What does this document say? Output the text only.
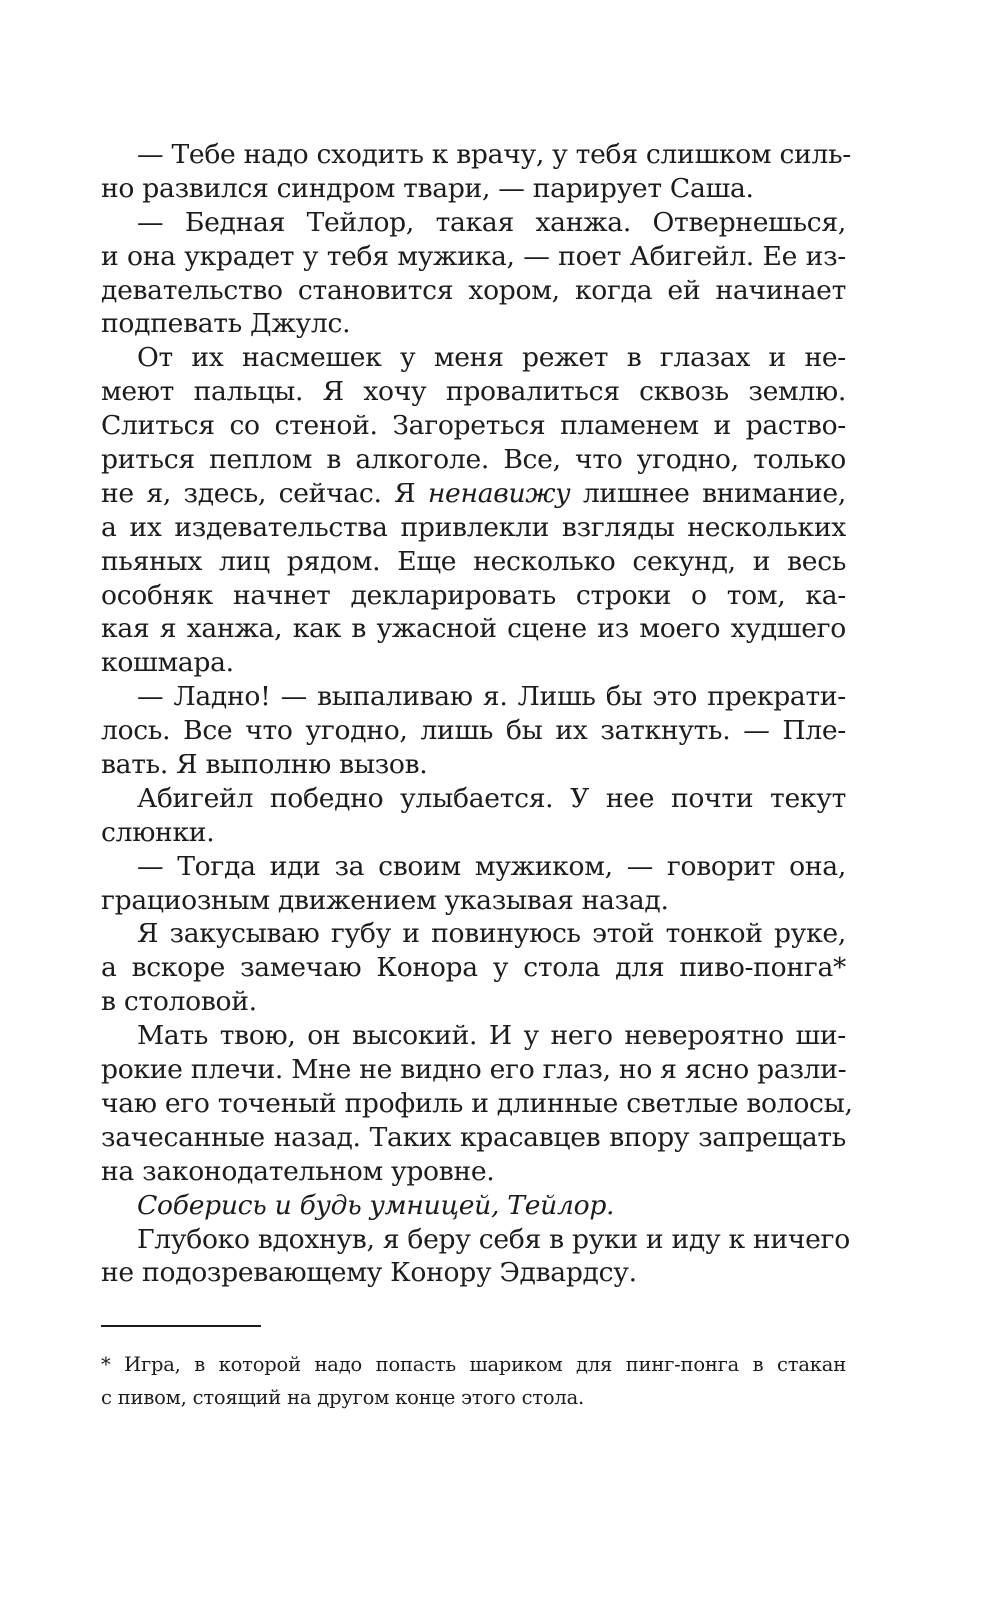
— Тебе надо сходить к врачу, у тебя слишком силь-
но развился синдром твари, — парирует Саша.
— Бедная Тейлор, такая ханжа. Отвернешься,
и она украдет у тебя мужика, — поет Абигейл. Ее из-
девательство становится хором, когда ей начинает
подпевать Джулс.
От их насмешек у меня режет в глазах и не-
меют пальцы. Я хочу провалиться сквозь землю.
Слиться со стеной. Загореться пламенем и раство-
риться пеплом в алкоголе. Все, что угодно, только
не я, здесь, сейчас. Я ненавижу лишнее внимание,
а их издевательства привлекли взгляды нескольких
пьяных лиц рядом. Еще несколько секунд, и весь
особняк начнет декларировать строки о том, ка-
кая я ханжа, как в ужасной сцене из моего худшего
кошмара.
— Ладно! — выпаливаю я. Лишь бы это прекрати-
лось. Все что угодно, лишь бы их заткнуть. — Пле-
вать. Я выполню вызов.
Абигейл победно улыбается. У нее почти текут
слюнки.
— Тогда иди за своим мужиком, — говорит она,
грациозным движением указывая назад.
Я закусываю губу и повинуюсь этой тонкой руке,
а вскоре замечаю Конора у стола для пиво-понга*
в столовой.
Мать твою, он высокий. И у него невероятно ши-
рокие плечи. Мне не видно его глаз, но я ясно разли-
чаю его точеный профиль и длинные светлые волосы,
зачесанные назад. Таких красавцев впору запрещать
на законодательном уровне.
Соберись и будь умницей, Тейлор.
Глубоко вдохнув, я беру себя в руки и иду к ничего
не подозревающему Конору Эдвардсу.
* Игра, в которой надо попасть шариком для пинг-понга в стакан
с пивом, стоящий на другом конце этого стола.
